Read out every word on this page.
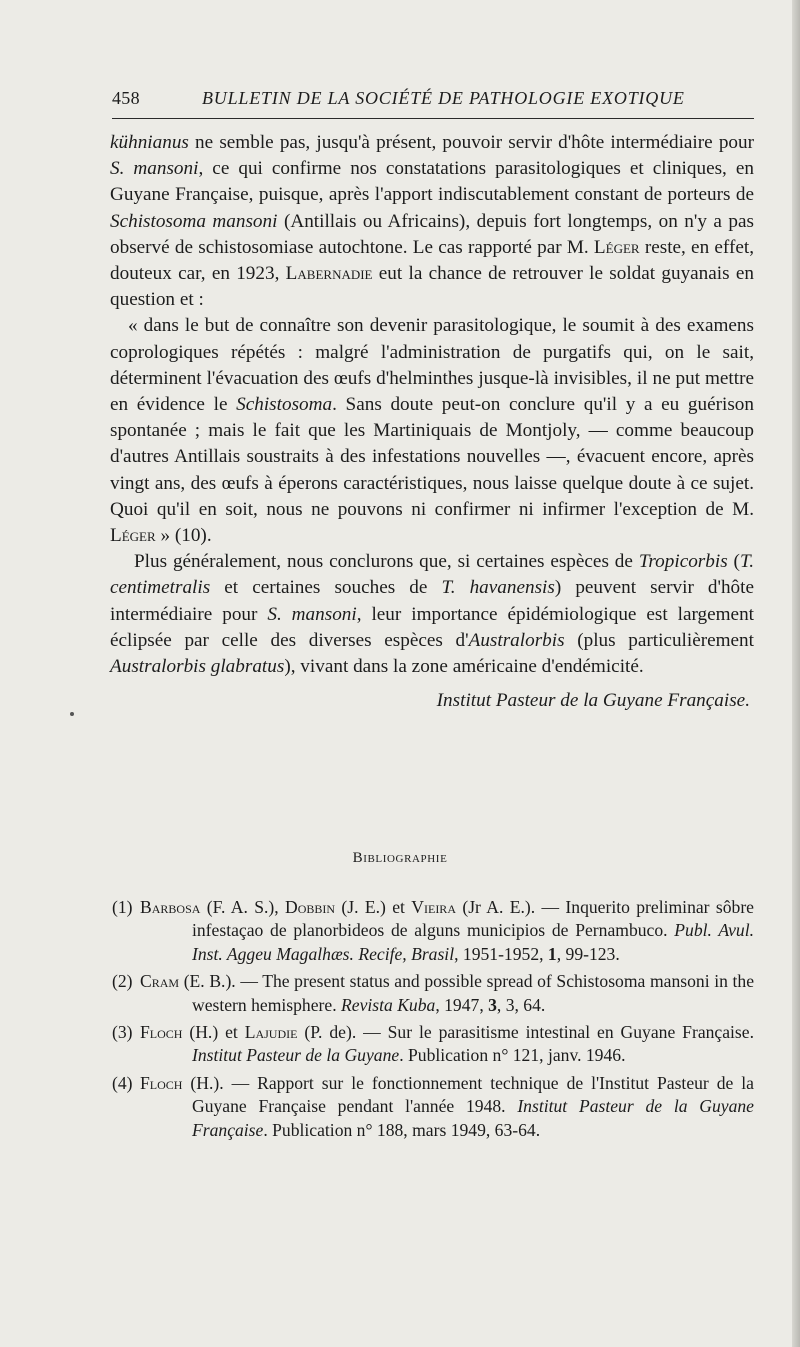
458	BULLETIN DE LA SOCIÉTÉ DE PATHOLOGIE EXOTIQUE

kühnianus ne semble pas, jusqu'à présent, pouvoir servir d'hôte intermédiaire pour S. mansoni, ce qui confirme nos constatations parasitologiques et cliniques, en Guyane Française, puisque, après l'apport indiscutablement constant de porteurs de Schistosoma mansoni (Antillais ou Africains), depuis fort longtemps, on n'y a pas observé de schistosomiase autochtone. Le cas rapporté par M. Léger reste, en effet, douteux car, en 1923, Labernadie eut la chance de retrouver le soldat guyanais en question et :

« dans le but de connaître son devenir parasitologique, le soumit à des examens coprologiques répétés : malgré l'administration de purgatifs qui, on le sait, déterminent l'évacuation des œufs d'helminthes jusque-là invisibles, il ne put mettre en évidence le Schistosoma. Sans doute peut-on conclure qu'il y a eu guérison spontanée ; mais le fait que les Martiniquais de Montjoly, — comme beaucoup d'autres Antillais soustraits à des infestations nouvelles —, évacuent encore, après vingt ans, des œufs à éperons caractéristiques, nous laisse quelque doute à ce sujet. Quoi qu'il en soit, nous ne pouvons ni confirmer ni infirmer l'exception de M. Léger » (10).

Plus généralement, nous conclurons que, si certaines espèces de Tropicorbis (T. centimetralis et certaines souches de T. havanensis) peuvent servir d'hôte intermédiaire pour S. mansoni, leur importance épidémiologique est largement éclipsée par celle des diverses espèces d'Australorbis (plus particulièrement Australorbis glabratus), vivant dans la zone américaine d'endémicité.

Institut Pasteur de la Guyane Française.

Bibliographie
(1) Barbosa (F. A. S.), Dobbin (J. E.) et Vieira (Jr A. E.). — Inquerito preliminar sôbre infestaçao de planorbideos de alguns municipios de Pernambuco. Publ. Avul. Inst. Aggeu Magalhæs. Recife, Brasil, 1951-1952, 1, 99-123.
(2) Cram (E. B.). — The present status and possible spread of Schistosoma mansoni in the western hemisphere. Revista Kuba, 1947, 3, 3, 64.
(3) Floch (H.) et Lajudie (P. de). — Sur le parasitisme intestinal en Guyane Française. Institut Pasteur de la Guyane. Publication n° 121, janv. 1946.
(4) Floch (H.). — Rapport sur le fonctionnement technique de l'Institut Pasteur de la Guyane Française pendant l'année 1948. Institut Pasteur de la Guyane Française. Publication n° 188, mars 1949, 63-64.
